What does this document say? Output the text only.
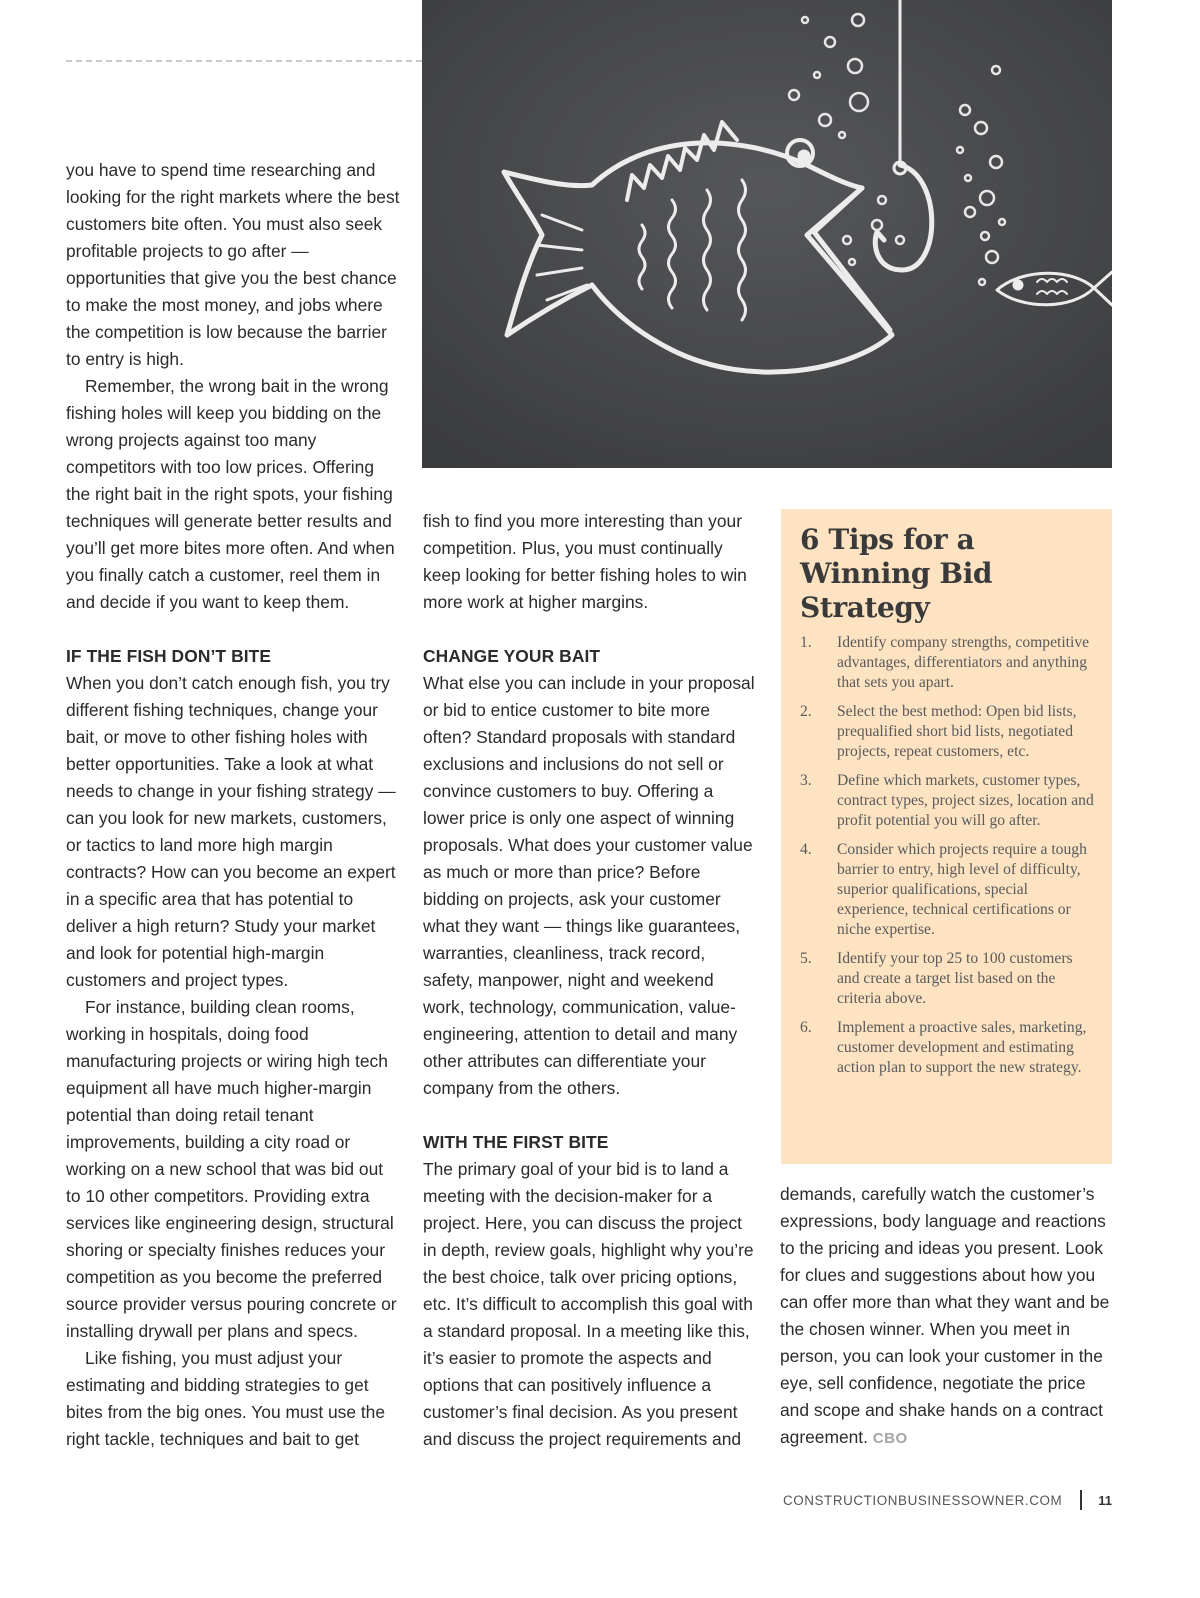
you have to spend time researching and looking for the right markets where the best customers bite often. You must also seek profitable projects to go after — opportunities that give you the best chance to make the most money, and jobs where the competition is low because the barrier to entry is high.

Remember, the wrong bait in the wrong fishing holes will keep you bidding on the wrong projects against too many competitors with too low prices. Offering the right bait in the right spots, your fishing techniques will generate better results and you’ll get more bites more often. And when you finally catch a customer, reel them in and decide if you want to keep them.

IF THE FISH DON’T BITE

When you don’t catch enough fish, you try different fishing techniques, change your bait, or move to other fishing holes with better opportunities. Take a look at what needs to change in your fishing strategy — can you look for new markets, customers, or tactics to land more high margin contracts? How can you become an expert in a specific area that has potential to deliver a high return? Study your market and look for potential high-margin customers and project types.

For instance, building clean rooms, working in hospitals, doing food manufacturing projects or wiring high tech equipment all have much higher-margin potential than doing retail tenant improvements, building a city road or working on a new school that was bid out to 10 other competitors. Providing extra services like engineering design, structural shoring or specialty finishes reduces your competition as you become the preferred source provider versus pouring concrete or installing drywall per plans and specs.

Like fishing, you must adjust your estimating and bidding strategies to get bites from the big ones. You must use the right tackle, techniques and bait to get

fish to find you more interesting than your competition. Plus, you must continually keep looking for better fishing holes to win more work at higher margins.

CHANGE YOUR BAIT

What else you can include in your proposal or bid to entice customer to bite more often? Standard proposals with standard exclusions and inclusions do not sell or convince customers to buy. Offering a lower price is only one aspect of winning proposals. What does your customer value as much or more than price? Before bidding on projects, ask your customer what they want — things like guarantees, warranties, cleanliness, track record, safety, manpower, night and weekend work, technology, communication, value-engineering, attention to detail and many other attributes can differentiate your company from the others.

WITH THE FIRST BITE

The primary goal of your bid is to land a meeting with the decision-maker for a project. Here, you can discuss the project in depth, review goals, highlight why you’re the best choice, talk over pricing options, etc. It’s difficult to accomplish this goal with a standard proposal. In a meeting like this, it’s easier to promote the aspects and options that can positively influence a customer’s final decision. As you present and discuss the project requirements and

6 Tips for a Winning Bid Strategy
1.	Identify company strengths, competitive advantages, differentiators and anything that sets you apart.
2.	Select the best method: Open bid lists, prequalified short bid lists, negotiated projects, repeat customers, etc.
3.	Define which markets, customer types, contract types, project sizes, location and profit potential you will go after.
4.	Consider which projects require a tough barrier to entry, high level of difficulty, superior qualifications, special experience, technical certifications or niche expertise.
5.	Identify your top 25 to 100 customers and create a target list based on the criteria above.
6.	Implement a proactive sales, marketing, customer development and estimating action plan to support the new strategy.

demands, carefully watch the customer’s expressions, body language and reactions to the pricing and ideas you present. Look for clues and suggestions about how you can offer more than what they want and be the chosen winner. When you meet in person, you can look your customer in the eye, sell confidence, negotiate the price and scope and shake hands on a contract agreement. CBO

CONSTRUCTIONBUSINESSOWNER.COM	11
